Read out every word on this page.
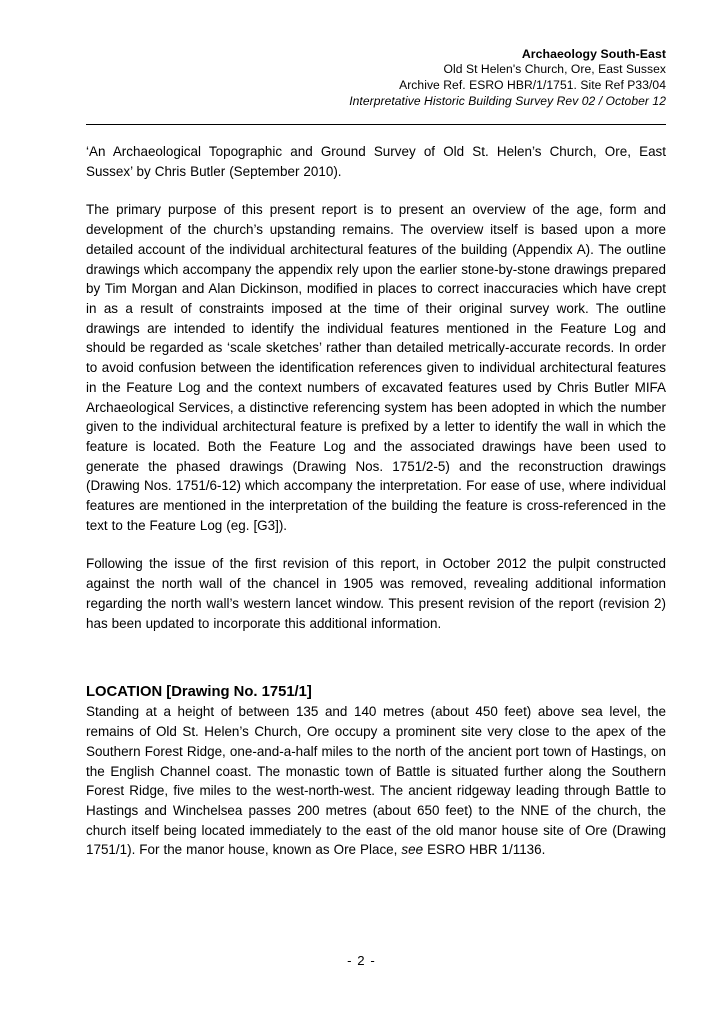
Archaeology South-East
Old St Helen's Church, Ore, East Sussex
Archive Ref. ESRO HBR/1/1751. Site Ref P33/04
Interpretative Historic Building Survey Rev 02 / October 12

‘An Archaeological Topographic and Ground Survey of Old St. Helen’s Church, Ore, East Sussex’ by Chris Butler (September 2010).

The primary purpose of this present report is to present an overview of the age, form and development of the church’s upstanding remains. The overview itself is based upon a more detailed account of the individual architectural features of the building (Appendix A). The outline drawings which accompany the appendix rely upon the earlier stone-by-stone drawings prepared by Tim Morgan and Alan Dickinson, modified in places to correct inaccuracies which have crept in as a result of constraints imposed at the time of their original survey work. The outline drawings are intended to identify the individual features mentioned in the Feature Log and should be regarded as ‘scale sketches’ rather than detailed metrically-accurate records. In order to avoid confusion between the identification references given to individual architectural features in the Feature Log and the context numbers of excavated features used by Chris Butler MIFA Archaeological Services, a distinctive referencing system has been adopted in which the number given to the individual architectural feature is prefixed by a letter to identify the wall in which the feature is located. Both the Feature Log and the associated drawings have been used to generate the phased drawings (Drawing Nos. 1751/2-5) and the reconstruction drawings (Drawing Nos. 1751/6-12) which accompany the interpretation. For ease of use, where individual features are mentioned in the interpretation of the building the feature is cross-referenced in the text to the Feature Log (eg. [G3]).

Following the issue of the first revision of this report, in October 2012 the pulpit constructed against the north wall of the chancel in 1905 was removed, revealing additional information regarding the north wall’s western lancet window. This present revision of the report (revision 2) has been updated to incorporate this additional information.

LOCATION [Drawing No. 1751/1]

Standing at a height of between 135 and 140 metres (about 450 feet) above sea level, the remains of Old St. Helen’s Church, Ore occupy a prominent site very close to the apex of the Southern Forest Ridge, one-and-a-half miles to the north of the ancient port town of Hastings, on the English Channel coast. The monastic town of Battle is situated further along the Southern Forest Ridge, five miles to the west-north-west. The ancient ridgeway leading through Battle to Hastings and Winchelsea passes 200 metres (about 650 feet) to the NNE of the church, the church itself being located immediately to the east of the old manor house site of Ore (Drawing 1751/1). For the manor house, known as Ore Place, see ESRO HBR 1/1136.

- 2 -
